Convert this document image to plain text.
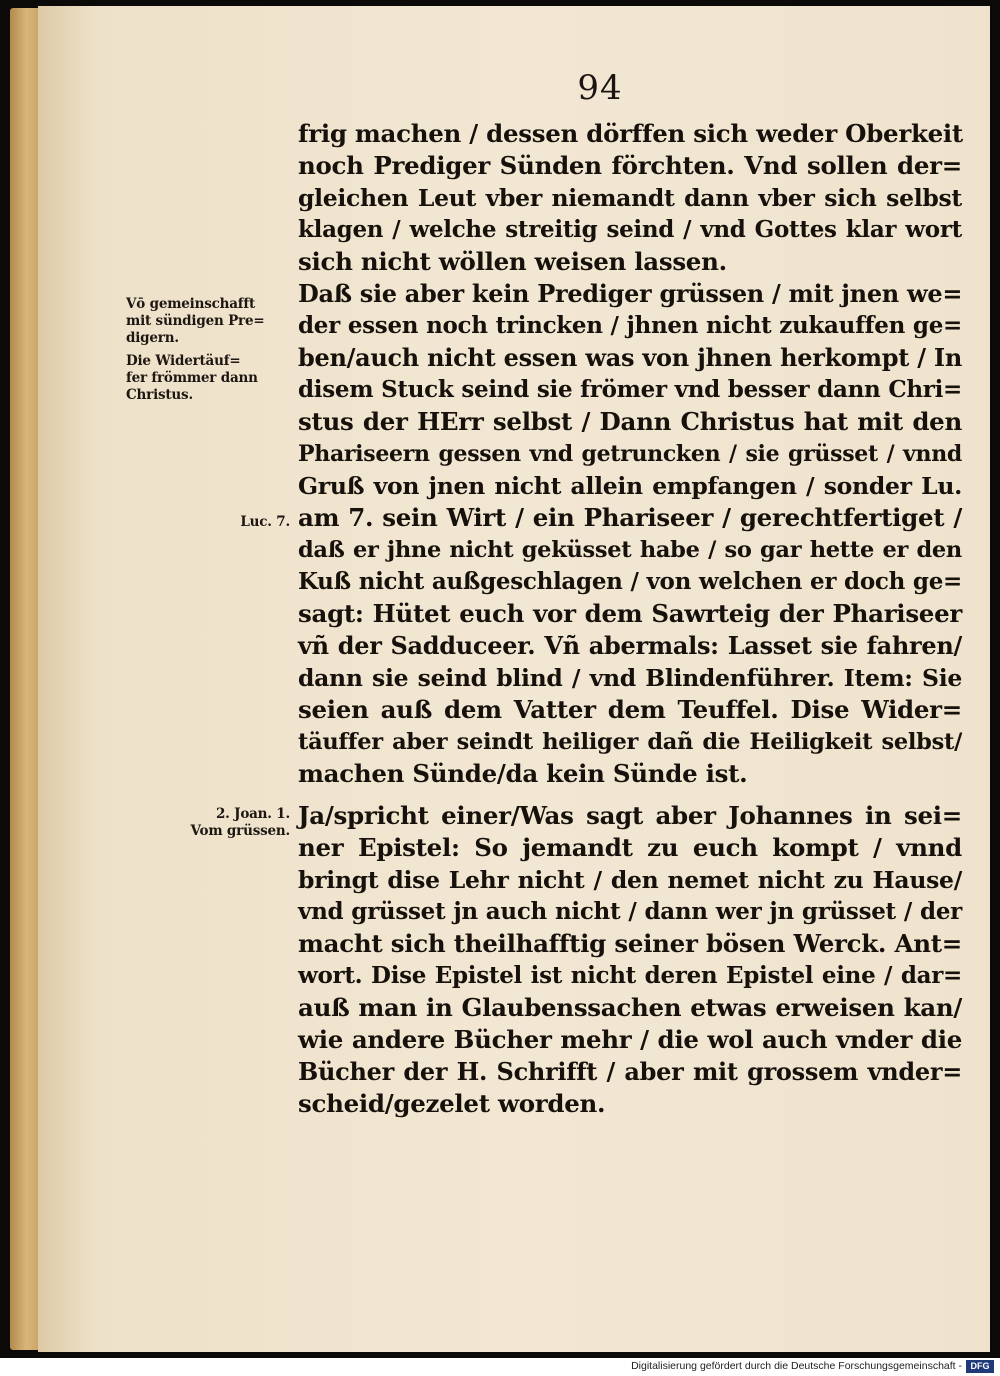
94
frig machen / dessen dörffen sich weder Oberkeit
noch Prediger Sünden förchten. Vnd sollen der=
gleichen Leut vber niemandt dann vber sich selbst
klagen / welche streitig seind / vnd Gottes klar wort
sich nicht wöllen weisen lassen.
Daß sie aber kein Prediger grüssen / mit jnen we=
der essen noch trincken / jhnen nicht zukauffen ge=
ben/auch nicht essen was von jhnen herkompt / In
disem Stuck seind sie frömer vnd besser dann Chri=
stus der HErr selbst / Dann Christus hat mit den
Phariseern gessen vnd getruncken / sie grüsset / vnnd
Gruß von jnen nicht allein empfangen / sonder Lu.
am 7. sein Wirt / ein Phariseer / gerechtfertiget /
daß er jhne nicht geküsset habe / so gar hette er den
Kuß nicht außgeschlagen / von welchen er doch ge=
sagt: Hütet euch vor dem Sawrteig der Phariseer
vñ der Sadduceer. Vñ abermals: Lasset sie fahren/
dann sie seind blind / vnd Blindenführer. Item: Sie
seien auß dem Vatter dem Teuffel. Dise Wider=
täuffer aber seindt heiliger dañ die Heiligkeit selbst/
machen Sünde/da kein Sünde ist.
Ja/spricht einer/Was sagt aber Johannes in sei=
ner Epistel: So jemandt zu euch kompt / vnnd
bringt dise Lehr nicht / den nemet nicht zu Hause/
vnd grüsset jn auch nicht / dann wer jn grüsset / der
macht sich theilhafftig seiner bösen Werck. Ant=
wort. Dise Epistel ist nicht deren Epistel eine / dar=
auß man in Glaubenssachen etwas erweisen kan/
wie andere Bücher mehr / die wol auch vnder die
Bücher der H. Schrifft / aber mit grossem vnder=
scheid/gezelet worden.
Vō gemeinschafft
mit sündigen Pre=
digern.
Die Widertäuf=
fer frömmer dann
Christus.
Luc. 7.
2. Joan. 1.
Vom grüssen.
Digitalisierung gefördert durch die Deutsche Forschungsgemeinschaft - DFG
